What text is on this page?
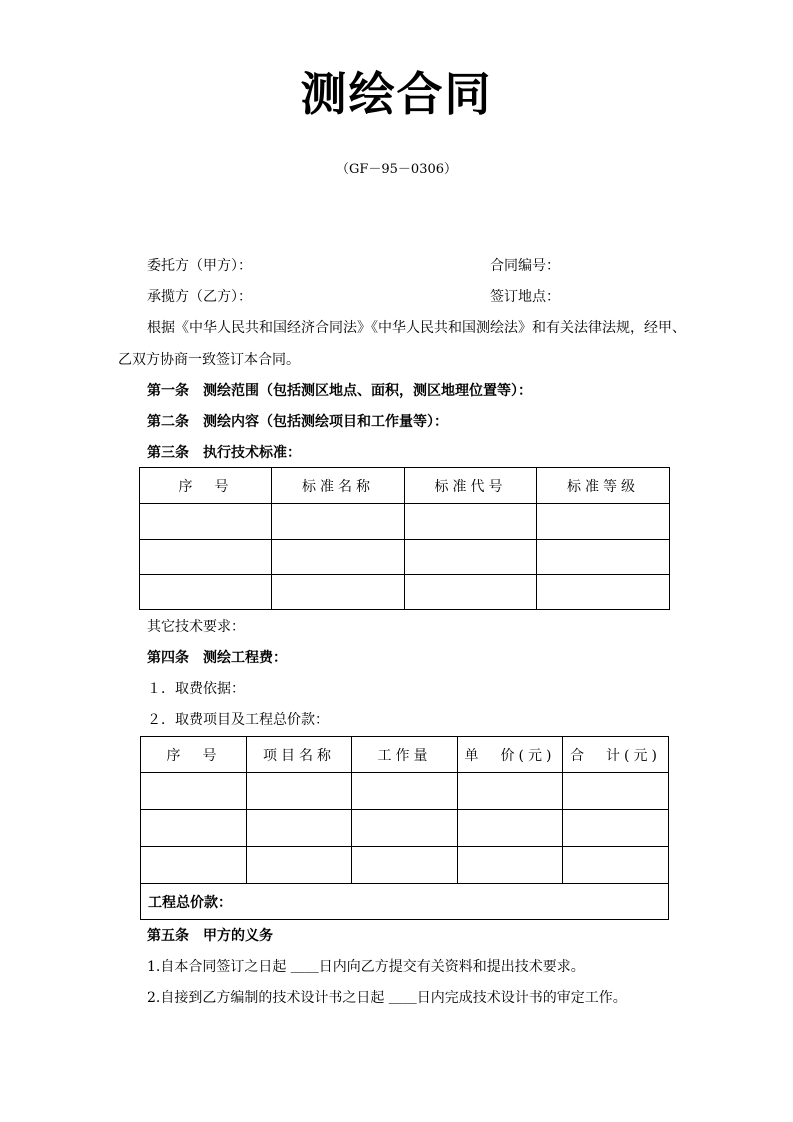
测绘合同
（GF－95－0306）
委托方（甲方）：	合同编号：
承揽方（乙方）：	签订地点：
根据《中华人民共和国经济合同法》《中华人民共和国测绘法》和有关法律法规，经甲、
乙双方协商一致签订本合同。
第一条　测绘范围（包括测区地点、面积，测区地理位置等）：
第二条　测绘内容（包括测绘项目和工作量等）：
第三条　执行技术标准：
序　号	标准名称	标准代号	标准等级

其它技术要求：
第四条　测绘工程费：
１．取费依据：
２．取费项目及工程总价款：
序　号	项目名称	工作量	单　价(元)	合　计(元)

工程总价款：				
第五条　甲方的义务
1.自本合同签订之日起 ＿＿日内向乙方提交有关资料和提出技术要求。
2.自接到乙方编制的技术设计书之日起 ＿＿日内完成技术设计书的审定工作。
